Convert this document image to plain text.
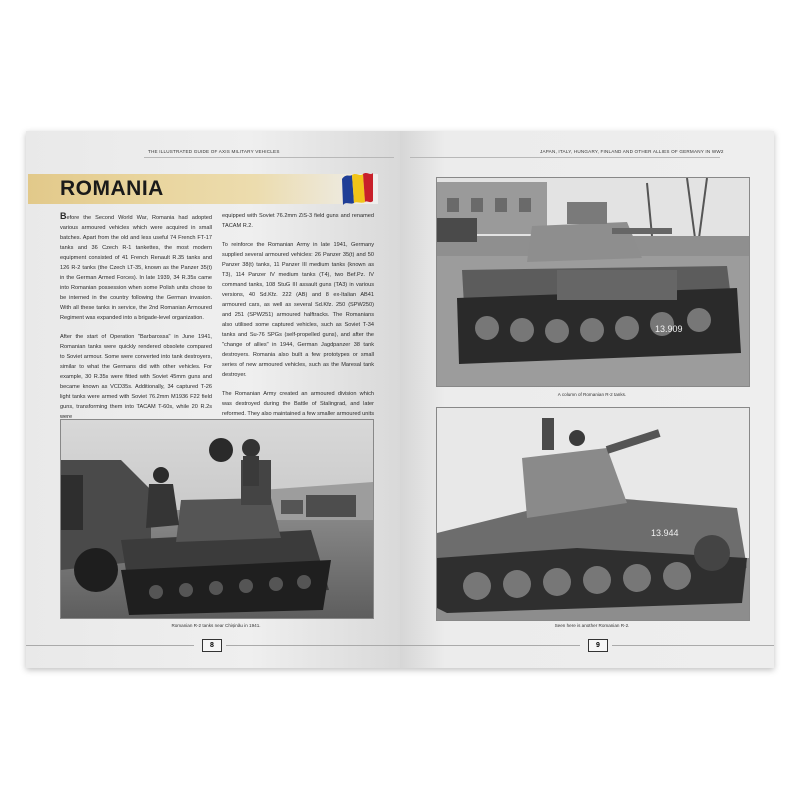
THE ILLUSTRATED GUIDE OF AXIS MILITARY VEHICLES
ROMANIA

Before the Second World War, Romania had adopted various armoured vehicles which were acquired in small batches. Apart from the old and less useful 74 French FT-17 tanks and 36 Czech R-1 tankettes, the most modern equipment consisted of 41 French Renault R.35 tanks and 126 R-2 tanks (the Czech LT-35, known as the Panzer 35(t) in the German Armed Forces). In late 1939, 34 R.35s came into Romanian possession when some Polish units chose to be interned in the country following the German invasion. With all these tanks in service, the 2nd Romanian Armoured Regiment was expanded into a brigade-level organization.

After the start of Operation "Barbarossa" in June 1941, Romanian tanks were quickly rendered obsolete compared to Soviet armour. Some were converted into tank destroyers, similar to what the Germans did with other vehicles. For example, 30 R.35s were fitted with Soviet 45mm guns and became known as VCD35s. Additionally, 34 captured T-26 light tanks were armed with Soviet 76.2mm M1936 F22 field guns, transforming them into TACAM T-60s, while 20 R.2s were

equipped with Soviet 76.2mm ZiS-3 field guns and renamed TACAM R.2.

To reinforce the Romanian Army in late 1941, Germany supplied several armoured vehicles: 26 Panzer 35(t) and 50 Panzer 38(t) tanks, 11 Panzer III medium tanks (known as T3), 114 Panzer IV medium tanks (T4), two Bef.Pz. IV command tanks, 108 StuG III assault guns (TA3) in various versions, 40 Sd.Kfz. 222 (AB) and 8 ex-Italian AB41 armoured cars, as well as several Sd.Kfz. 250 (SPW250) and 251 (SPW251) armoured halftracks. The Romanians also utilised some captured vehicles, such as Soviet T-34 tanks and Su-76 SPGs (self-propelled guns), and after the "change of allies" in 1944, German Jagdpanzer 38 tank destroyers. Romania also built a few prototypes or small series of new armoured vehicles, such as the Maresal tank destroyer.

The Romanian Army created an armoured division which was destroyed during the Battle of Stalingrad, and later reformed. They also maintained a few smaller armoured units

Romanian R-2 tanks near Chișinău in 1941.
8
JAPAN, ITALY, HUNGARY, FINLAND AND OTHER ALLIES OF GERMANY IN WW2
13.909
A column of Romanian R-2 tanks.
13.944
Seen here is another Romanian R-2.
9
